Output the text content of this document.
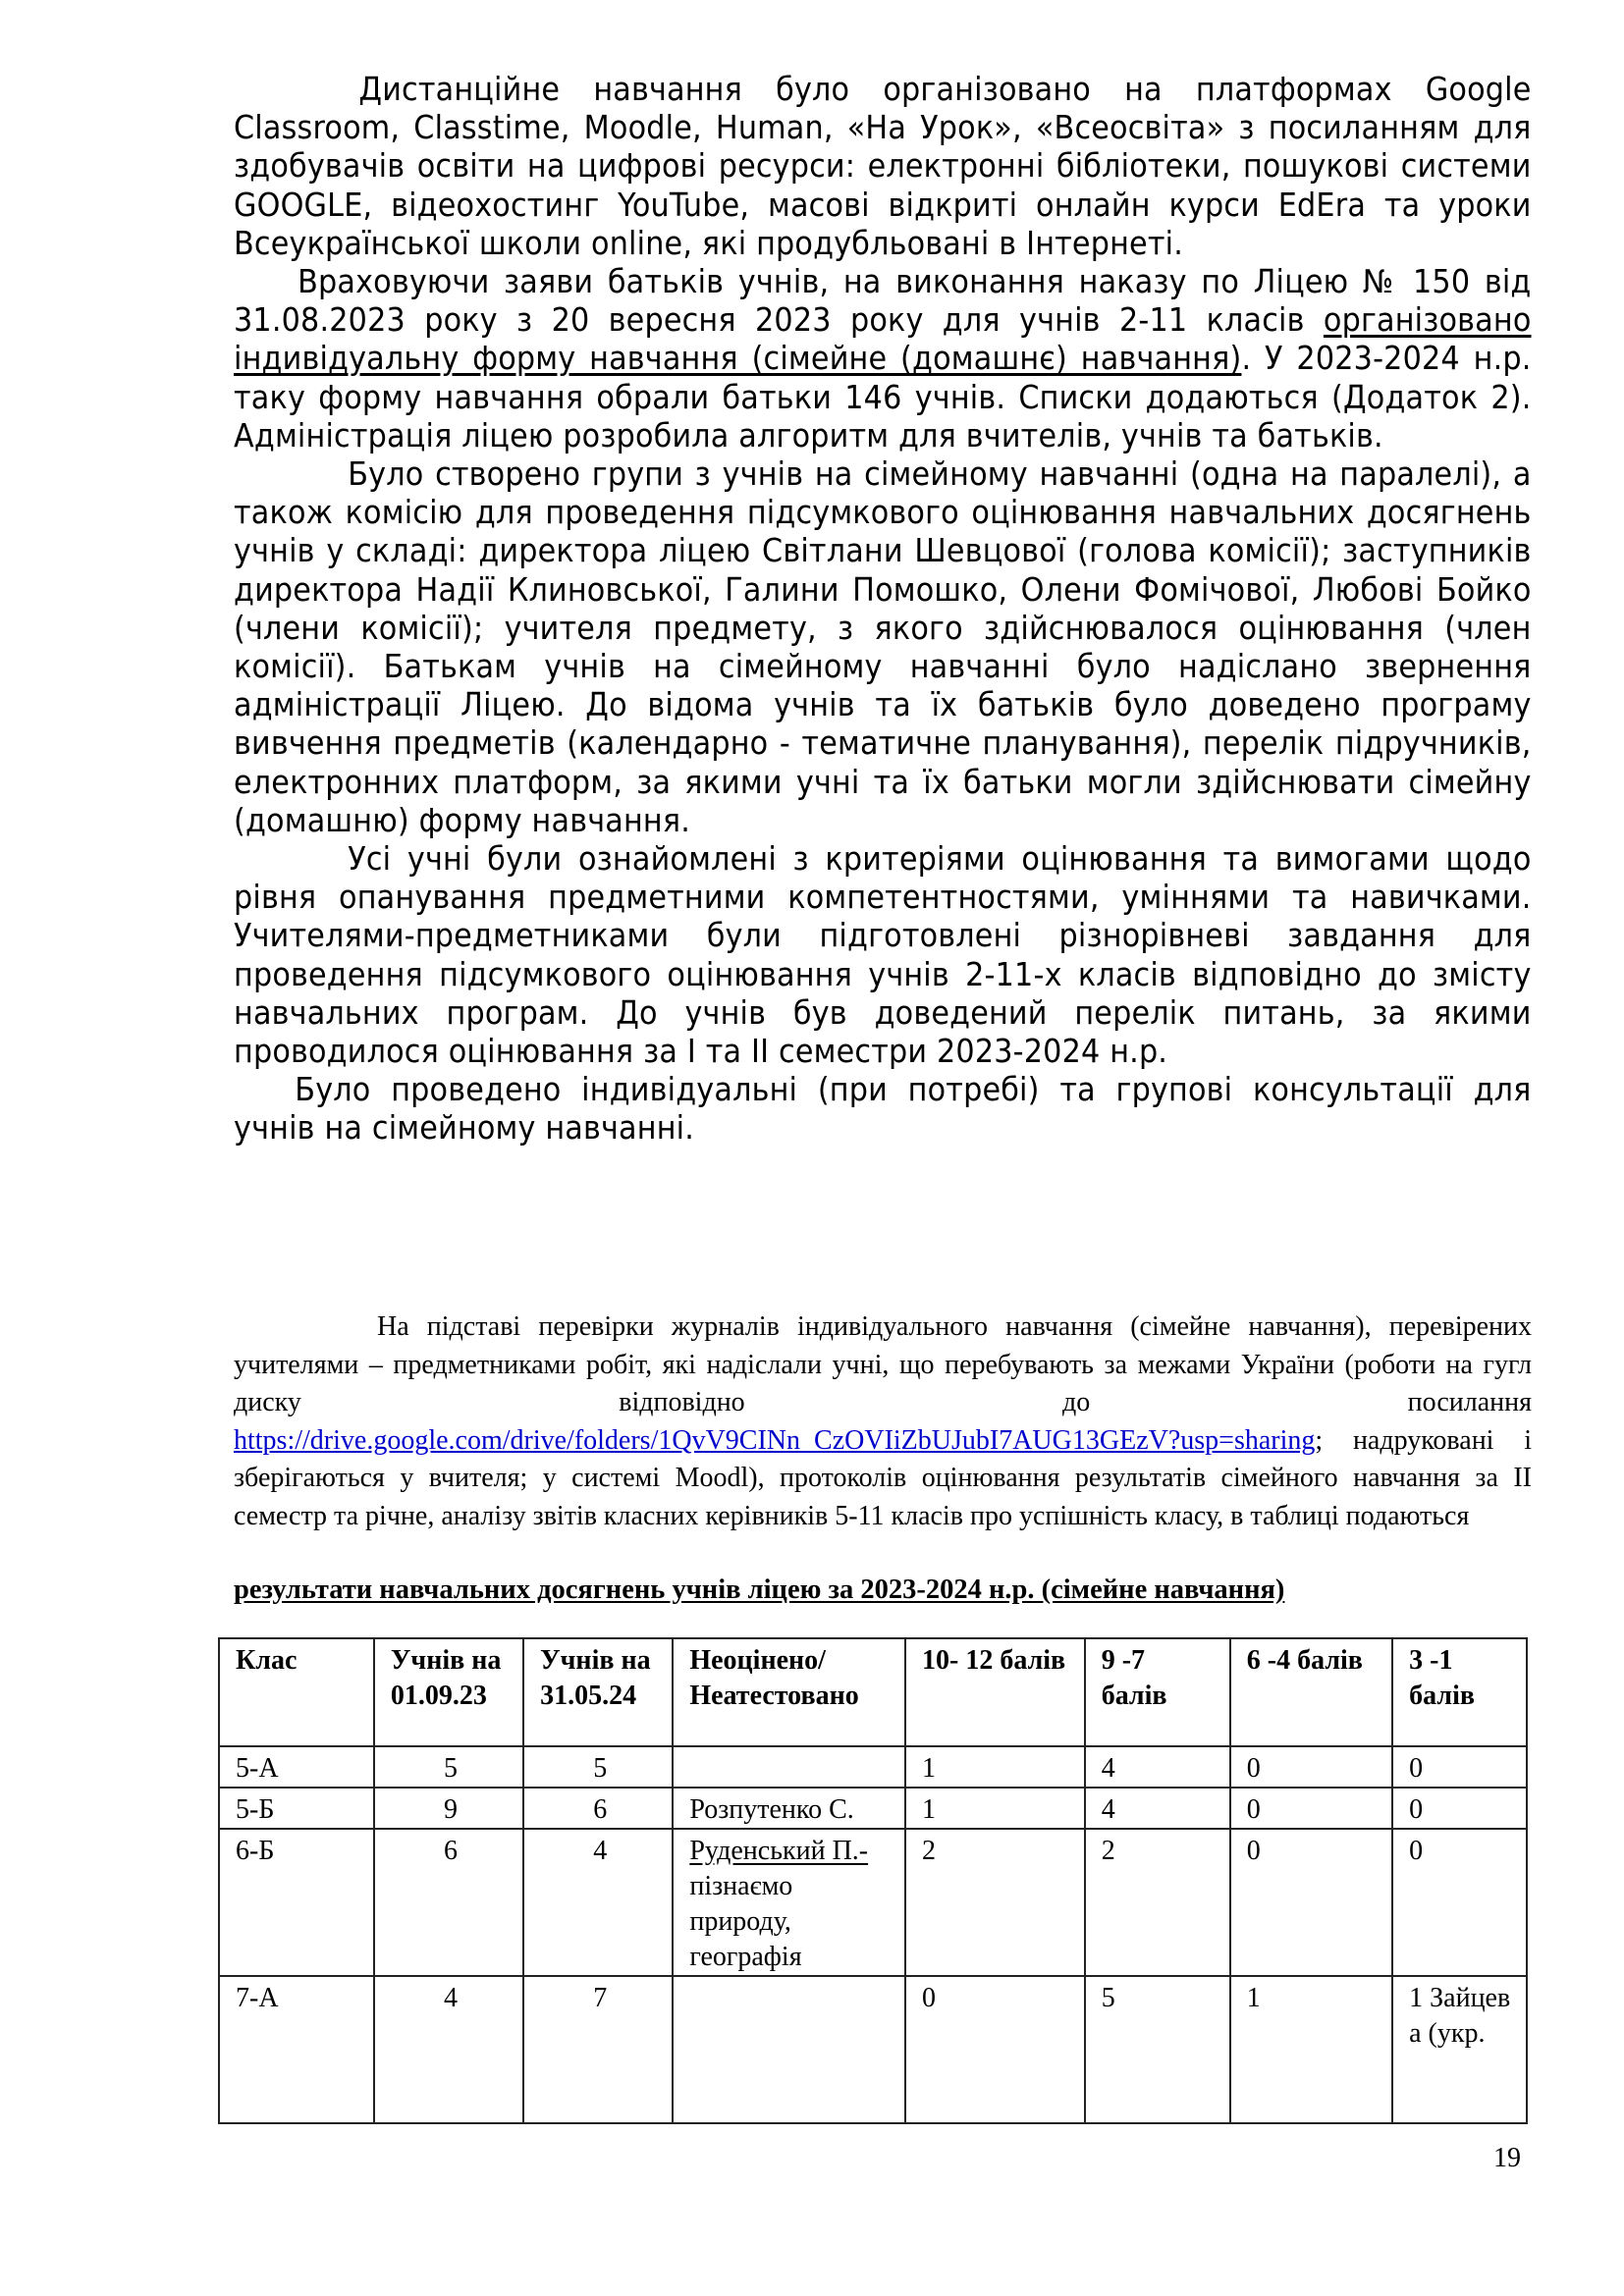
Дистанційне навчання було організовано на платформах Google Classroom, Classtime, Moodle, Human, «На Урок», «Всеосвіта» з посиланням для здобувачів освіти на цифрові ресурси: електронні бібліотеки, пошукові системи GOOGLE, відеохостинг YouTube, масові відкриті онлайн курси EdEra та уроки Всеукраїнської школи online, які продубльовані в Інтернеті.

Враховуючи заяви батьків учнів, на виконання наказу по Ліцею № 150 від 31.08.2023 року з 20 вересня 2023 року для учнів 2-11 класів організовано індивідуальну форму навчання (сімейне (домашнє) навчання). У 2023-2024 н.р. таку форму навчання обрали батьки 146 учнів. Списки додаються (Додаток 2). Адміністрація ліцею розробила алгоритм для вчителів, учнів та батьків.

Було створено групи з учнів на сімейному навчанні (одна на паралелі), а також комісію для проведення підсумкового оцінювання навчальних досягнень учнів у складі: директора ліцею Світлани Шевцової (голова комісії); заступників директора Надії Клиновської, Галини Помошко, Олени Фомічової, Любові Бойко (члени комісії); учителя предмету, з якого здійснювалося оцінювання (член комісії). Батькам учнів на сімейному навчанні було надіслано звернення адміністрації Ліцею. До відома учнів та їх батьків було доведено програму вивчення предметів (календарно - тематичне планування), перелік підручників, електронних платформ, за якими учні та їх батьки могли здійснювати сімейну (домашню) форму навчання.

Усі учні були ознайомлені з критеріями оцінювання та вимогами щодо рівня опанування предметними компетентностями, уміннями та навичками. Учителями-предметниками були підготовлені різнорівневі завдання для проведення підсумкового оцінювання учнів 2-11-х класів відповідно до змісту навчальних програм. До учнів був доведений перелік питань, за якими проводилося оцінювання за І та ІІ семестри 2023-2024 н.р.

Було проведено індивідуальні (при потребі) та групові консультації для учнів на сімейному навчанні.

На підставі перевірки журналів індивідуального навчання (сімейне навчання), перевірених учителями – предметниками робіт, які надіслали учні, що перебувають за межами України (роботи на гугл диску відповідно до посилання https://drive.google.com/drive/folders/1QvV9CINn_CzOVIiZbUJubI7AUG13GEzV?usp=sharing; надруковані і зберігаються у вчителя; у системі Moodl), протоколів оцінювання результатів сімейного навчання за ІІ семестр та річне, аналізу звітів класних керівників 5-11 класів про успішність класу, в таблиці подаються

результати навчальних досягнень учнів ліцею за 2023-2024 н.р. (сімейне навчання)
Клас	Учнів на 01.09.23	Учнів на 31.05.24	Неоцінено/ Неатестовано	10- 12 балів	9 -7 балів	6 -4 балів	3 -1 балів
5-А	5	5		1	4	0	0
5-Б	9	6	Розпутенко С.	1	4	0	0
6-Б	6	4	Руденський П.- пізнаємо природу, географія	2	2	0	0
7-А	4	7		0	5	1	1 Зайцев а (укр.
19
